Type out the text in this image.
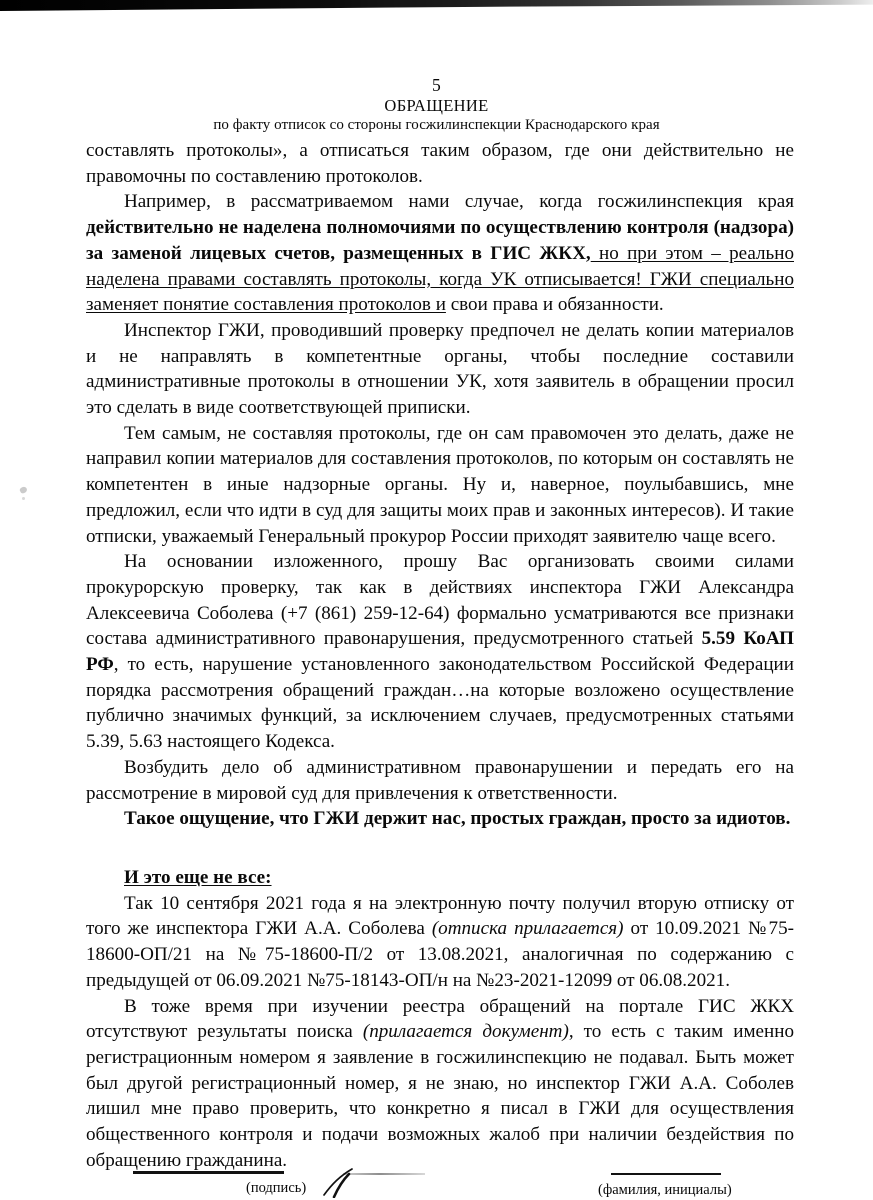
5
ОБРАЩЕНИЕ
по факту отписок со стороны госжилинспекции Краснодарского края

составлять протоколы», а отписаться таким образом, где они действительно не правомочны по составлению протоколов.

Например, в рассматриваемом нами случае, когда госжилинспекция края действительно не наделена полномочиями по осуществлению контроля (надзора) за заменой лицевых счетов, размещенных в ГИС ЖКХ, но при этом – реально наделена правами составлять протоколы, когда УК отписывается! ГЖИ специально заменяет понятие составления протоколов и свои права и обязанности.

Инспектор ГЖИ, проводивший проверку предпочел не делать копии материалов и не направлять в компетентные органы, чтобы последние составили административные протоколы в отношении УК, хотя заявитель в обращении просил это сделать в виде соответствующей приписки.

Тем самым, не составляя протоколы, где он сам правомочен это делать, даже не направил копии материалов для составления протоколов, по которым он составлять не компетентен в иные надзорные органы. Ну и, наверное, поулыбавшись, мне предложил, если что идти в суд для защиты моих прав и законных интересов). И такие отписки, уважаемый Генеральный прокурор России приходят заявителю чаще всего.

На основании изложенного, прошу Вас организовать своими силами прокурорскую проверку, так как в действиях инспектора ГЖИ Александра Алексеевича Соболева (+7 (861) 259-12-64) формально усматриваются все признаки состава административного правонарушения, предусмотренного статьей 5.59 КоАП РФ, то есть, нарушение установленного законодательством Российской Федерации порядка рассмотрения обращений граждан…на которые возложено осуществление публично значимых функций, за исключением случаев, предусмотренных статьями 5.39, 5.63 настоящего Кодекса.

Возбудить дело об административном правонарушении и передать его на рассмотрение в мировой суд для привлечения к ответственности.

Такое ощущение, что ГЖИ держит нас, простых граждан, просто за идиотов.

И это еще не все:

Так 10 сентября 2021 года я на электронную почту получил вторую отписку от того же инспектора ГЖИ А.А. Соболева (отписка прилагается) от 10.09.2021 №75-18600-ОП/21 на №75-18600-П/2 от 13.08.2021, аналогичная по содержанию с предыдущей от 06.09.2021 №75-18143-ОП/н на №23-2021-12099 от 06.08.2021.

В тоже время при изучении реестра обращений на портале ГИС ЖКХ отсутствуют результаты поиска (прилагается документ), то есть с таким именно регистрационным номером я заявление в госжилинспекцию не подавал. Быть может был другой регистрационный номер, я не знаю, но инспектор ГЖИ А.А. Соболев лишил мне право проверить, что конкретно я писал в ГЖИ для осуществления общественного контроля и подачи возможных жалоб при наличии бездействия по обращению гражданина.

(подпись)	(фамилия, инициалы)
